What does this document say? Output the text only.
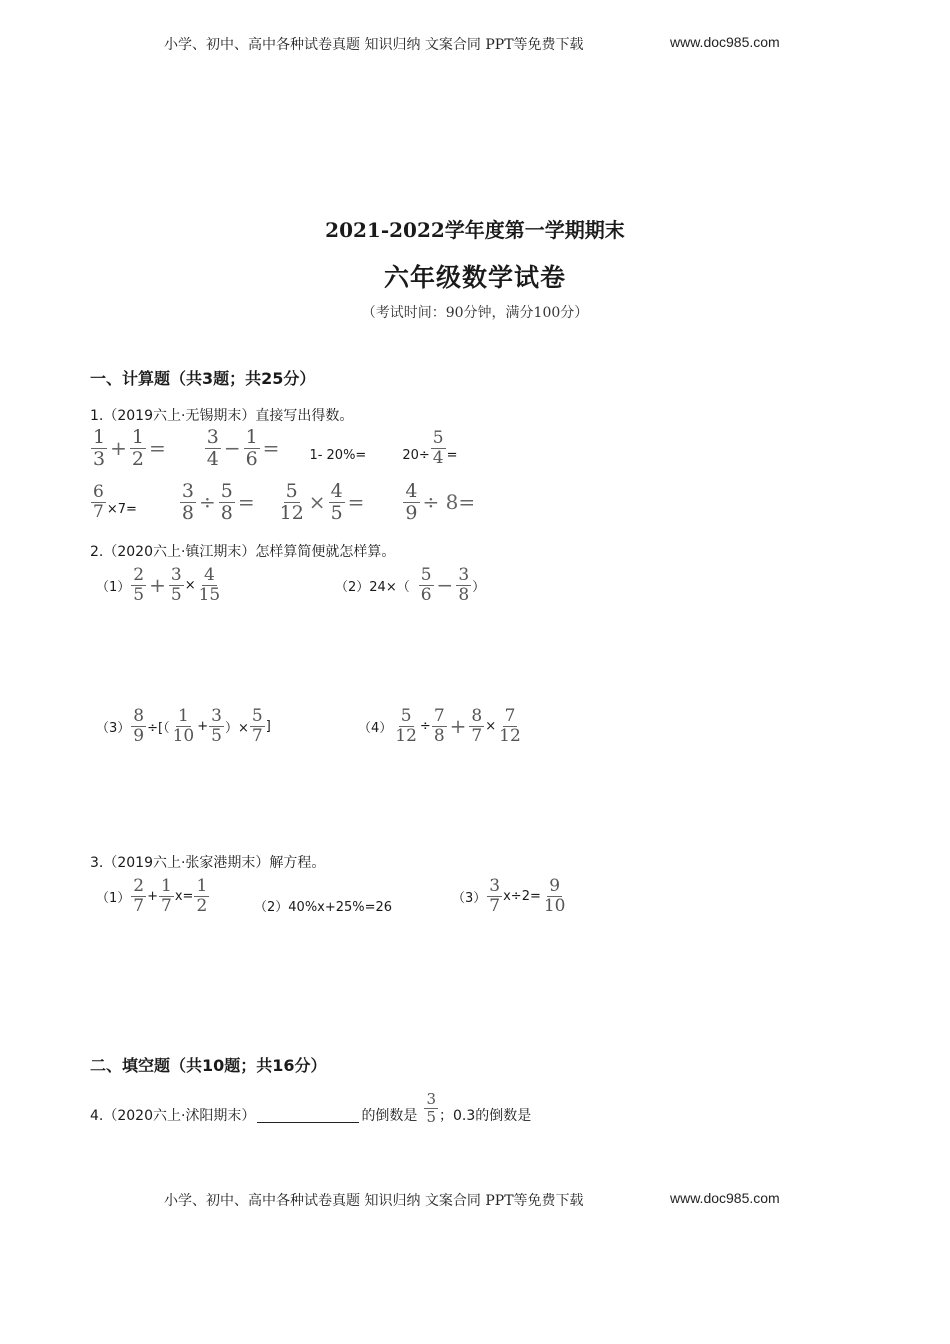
小学、初中、高中各种试卷真题 知识归纳 文案合同 PPT等免费下载	www.doc985.com
2021-2022学年度第一学期期末
六年级数学试卷
（考试时间：90分钟，满分100分）
一、计算题（共3题；共25分）
1.（2019六上·无锡期末）直接写出得数。
$\frac{1}{3} + \frac{1}{2} = \frac{3}{4} - \frac{1}{6} = 1-$ 20%=	$20\div \frac{5}{4}$ =
$\frac{6}{7} \times 7= \frac{3}{8} \div \frac{5}{8} = \frac{5}{12} \times \frac{4}{5} = \frac{4}{9} \div 8=$
2.（2020六上·镇江期末）怎样算简便就怎样算。
$(1) \frac{2}{5} + \frac{3}{5} \times \frac{4}{15}$	（2） $24\times( \frac{5}{6} - \frac{3}{8}$ ）
$(3) \frac{8}{9}$ ÷[（ $\frac{1}{10} + \frac{3}{5}$ ）× $\frac{5}{7}$ ]	$(4) \frac{5}{12} \div \frac{7}{8} + \frac{8}{7} \times \frac{7}{12}$
3.（2019六上·张家港期末）解方程。
$(1) \frac{2}{7} + \frac{1}{7} x= \frac{1}{2}$	（2）40%x+25%=26
$(3) \frac{3}{7} x\div 2= \frac{9}{10}$
二、填空题（共10题；共16分）
4.（2020六上·沭阳期末）	的倒数是 $\frac{3}{5}$ ；0.3的倒数是
小学、初中、高中各种试卷真题 知识归纳 文案合同 PPT等免费下载	www.doc985.com
